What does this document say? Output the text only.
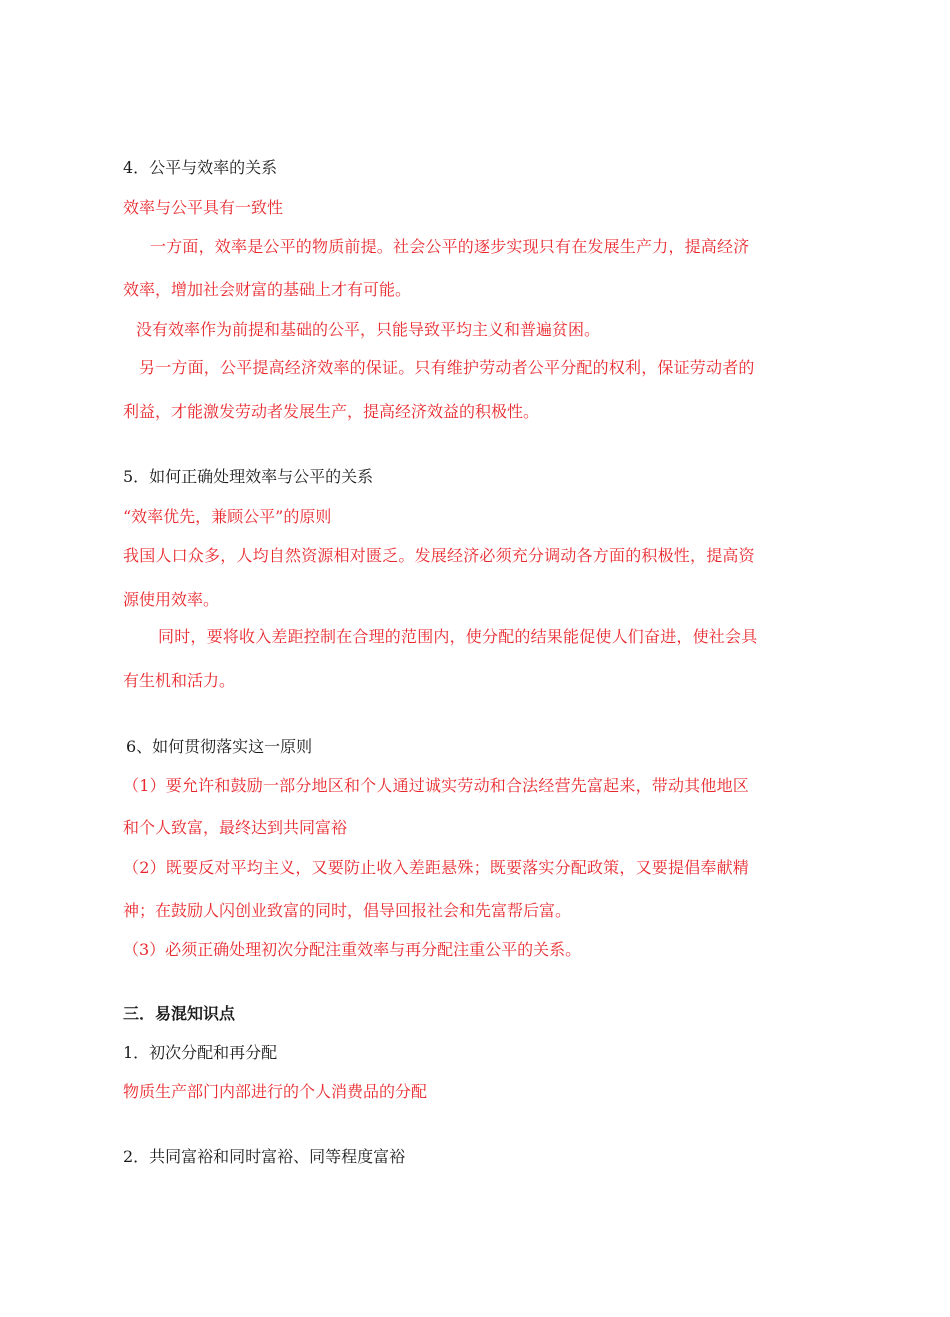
4．公平与效率的关系
效率与公平具有一致性
一方面，效率是公平的物质前提。社会公平的逐步实现只有在发展生产力，提高经济
效率，增加社会财富的基础上才有可能。
没有效率作为前提和基础的公平，只能导致平均主义和普遍贫困。
另一方面，公平提高经济效率的保证。只有维护劳动者公平分配的权利，保证劳动者的
利益，才能激发劳动者发展生产，提高经济效益的积极性。
5．如何正确处理效率与公平的关系
“效率优先，兼顾公平”的原则
我国人口众多，人均自然资源相对匮乏。发展经济必须充分调动各方面的积极性，提高资
源使用效率。
同时，要将收入差距控制在合理的范围内，使分配的结果能促使人们奋进，使社会具
有生机和活力。
6、如何贯彻落实这一原则
（1）要允许和鼓励一部分地区和个人通过诚实劳动和合法经营先富起来，带动其他地区
和个人致富，最终达到共同富裕
（2）既要反对平均主义，又要防止收入差距悬殊；既要落实分配政策，又要提倡奉献精
神；在鼓励人闪创业致富的同时，倡导回报社会和先富帮后富。
（3）必须正确处理初次分配注重效率与再分配注重公平的关系。
三．易混知识点
1．初次分配和再分配
物质生产部门内部进行的个人消费品的分配
2．共同富裕和同时富裕、同等程度富裕
